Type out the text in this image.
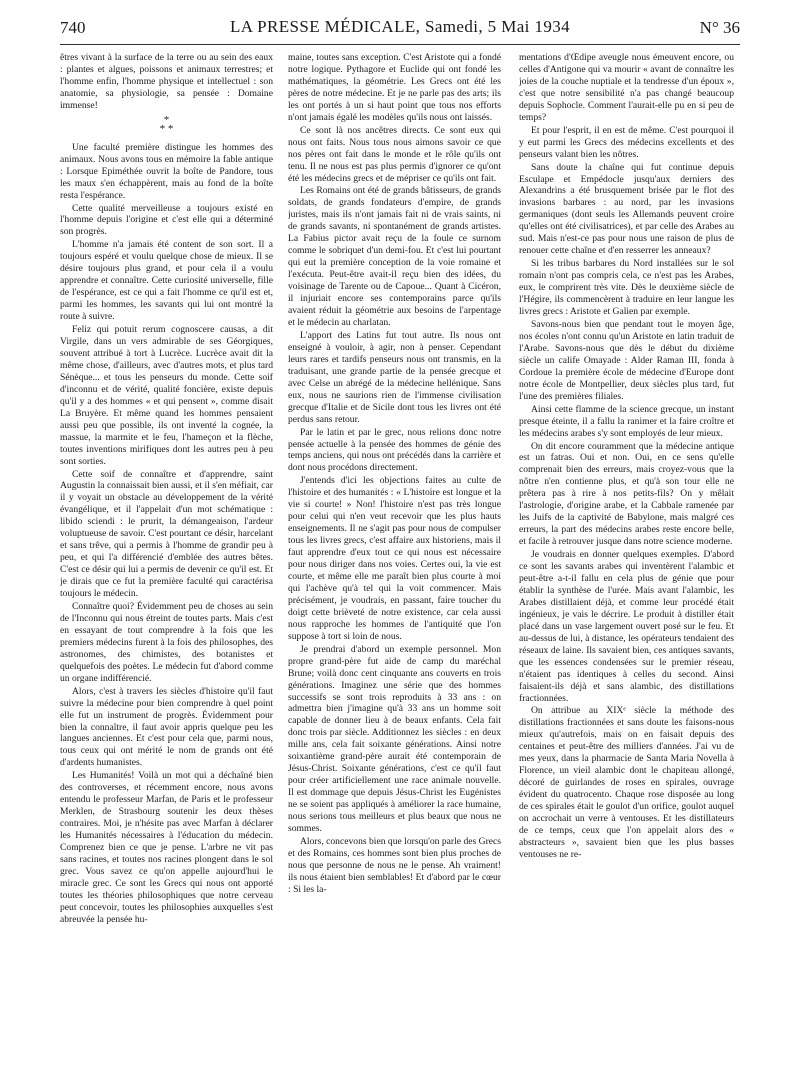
740	LA PRESSE MÉDICALE, Samedi, 5 Mai 1934	N° 36

êtres vivant à la surface de la terre ou au sein des eaux : plantes et algues, poissons et animaux terrestres; et l'homme enfin, l'homme physique et intellectuel : son anatomie, sa physiologie, sa pensée : Domaine immense!

*
* *

Une faculté première distingue les hommes des animaux. Nous avons tous en mémoire la fable antique : Lorsque Epiméthée ouvrit la boîte de Pandore, tous les maux s'en échappèrent, mais au fond de la boîte resta l'espérance.

Cette qualité merveilleuse a toujours existé en l'homme depuis l'origine et c'est elle qui a déterminé son progrès.

L'homme n'a jamais été content de son sort. Il a toujours espéré et voulu quelque chose de mieux. Il se désire toujours plus grand, et pour cela il a voulu apprendre et connaître. Cette curiosité universelle, fille de l'espérance, est ce qui a fait l'homme ce qu'il est et, parmi les hommes, les savants qui lui ont montré la route à suivre.

Feliz qui potuit rerum cognoscere causas, a dit Virgile, dans un vers admirable de ses Géorgiques, souvent attribué à tort à Lucrèce. Lucrèce avait dit la même chose, d'ailleurs, avec d'autres mots, et plus tard Sénèque... et tous les penseurs du monde. Cette soif d'inconnu et de vérité, qualité foncière, existe depuis qu'il y a des hommes « et qui pensent », comme disait La Bruyère. Et même quand les hommes pensaient aussi peu que possible, ils ont inventé la cognée, la massue, la marmite et le feu, l'hameçon et la flèche, toutes inventions mirifiques dont les autres peu à peu sont sorties.

Cette soif de connaître et d'apprendre, saint Augustin la connaissait bien aussi, et il s'en méfiait, car il y voyait un obstacle au développement de la vérité évangélique, et il l'appelait d'un mot schématique : libido sciendi : le prurit, la démangeaison, l'ardeur voluptueuse de savoir. C'est pourtant ce désir, harcelant et sans trêve, qui a permis à l'homme de grandir peu à peu, et qui l'a différencié d'emblée des autres bêtes. C'est ce désir qui lui a permis de devenir ce qu'il est. Et je dirais que ce fut la première faculté qui caractérisa toujours le médecin.

Connaître quoi? Évidemment peu de choses au sein de l'Inconnu qui nous étreint de toutes parts. Mais c'est en essayant de tout comprendre à la fois que les premiers médecins furent à la fois des philosophes, des astronomes, des chimistes, des botanistes et quelquefois des poètes. Le médecin fut d'abord comme un organe indifférencié.

Alors, c'est à travers les siècles d'histoire qu'il faut suivre la médecine pour bien comprendre à quel point elle fut un instrument de progrès. Évidemment pour bien la connaître, il faut avoir appris quelque peu les langues anciennes. Et c'est pour cela que, parmi nous, tous ceux qui ont mérité le nom de grands ont été d'ardents humanistes.

Les Humanités! Voilà un mot qui a déchaîné bien des controverses, et récemment encore, nous avons entendu le professeur Marfan, de Paris et le professeur Merklen, de Strasbourg soutenir les deux thèses contraires. Moi, je n'hésite pas avec Marfan à déclarer les Humanités nécessaires à l'éducation du médecin. Comprenez bien ce que je pense. L'arbre ne vit pas sans racines, et toutes nos racines plongent dans le sol grec. Vous savez ce qu'on appelle aujourd'hui le miracle grec. Ce sont les Grecs qui nous ont apporté toutes les théories philosophiques que notre cerveau peut concevoir, toutes les philosophies auxquelles s'est abreuvée la pensée hu-

maine, toutes sans exception. C'est Aristote qui a fondé notre logique. Pythagore et Euclide qui ont fondé les mathématiques, la géométrie. Les Grecs ont été les pères de notre médecine. Et je ne parle pas des arts; ils les ont portés à un si haut point que tous nos efforts n'ont jamais égalé les modèles qu'ils nous ont laissés.

Ce sont là nos ancêtres directs. Ce sont eux qui nous ont faits. Nous tous nous aimons savoir ce que nos pères ont fait dans le monde et le rôle qu'ils ont tenu. Il ne nous est pas plus permis d'ignorer ce qu'ont été les médecins grecs et de mépriser ce qu'ils ont fait.

Les Romains ont été de grands bâtisseurs, de grands soldats, de grands fondateurs d'empire, de grands juristes, mais ils n'ont jamais fait ni de vrais saints, ni de grands savants, ni spontanément de grands artistes. La Fabius pictor avait reçu de la foule ce surnom comme le sobriquet d'un demi-fou. Et c'est lui pourtant qui eut la première conception de la voie romaine et l'exécuta. Peut-être avait-il reçu bien des idées, du voisinage de Tarente ou de Capoue... Quant à Cicéron, il injuriait encore ses contemporains parce qu'ils avaient réduit la géométrie aux besoins de l'arpentage et le médecin au charlatan.

L'apport des Latins fut tout autre. Ils nous ont enseigné à vouloir, à agir, non à penser. Cependant leurs rares et tardifs penseurs nous ont transmis, en la traduisant, une grande partie de la pensée grecque et avec Celse un abrégé de la médecine hellénique. Sans eux, nous ne saurions rien de l'immense civilisation grecque d'Italie et de Sicile dont tous les livres ont été perdus sans retour.

Par le latin et par le grec, nous relions donc notre pensée actuelle à la pensée des hommes de génie des temps anciens, qui nous ont précédés dans la carrière et dont nous procédons directement.

J'entends d'ici les objections faites au culte de l'histoire et des humanités : « L'histoire est longue et la vie si courte! » Non! l'histoire n'est pas très longue pour celui qui n'en veut recevoir que les plus hauts enseignements. Il ne s'agit pas pour nous de compulser tous les livres grecs, c'est affaire aux historiens, mais il faut apprendre d'eux tout ce qui nous est nécessaire pour nous diriger dans nos voies. Certes oui, la vie est courte, et même elle me paraît bien plus courte à moi qui l'achève qu'à tel qui la voit commencer. Mais précisément, je voudrais, en passant, faire toucher du doigt cette brièveté de notre existence, car cela aussi nous rapproche les hommes de l'antiquité que l'on suppose à tort si loin de nous.

Je prendrai d'abord un exemple personnel. Mon propre grand-père fut aide de camp du maréchal Brune; voilà donc cent cinquante ans couverts en trois générations. Imaginez une série que des hommes successifs se sont trois reproduits à 33 ans : on admettra bien j'imagine qu'à 33 ans un homme soit capable de donner lieu à de beaux enfants. Cela fait donc trois par siècle. Additionnez les siècles : en deux mille ans, cela fait soixante générations. Ainsi notre soixantième grand-père aurait été contemporain de Jésus-Christ. Soixante générations, c'est ce qu'il faut pour créer artificiellement une race animale nouvelle. Il est dommage que depuis Jésus-Christ les Eugénistes ne se soient pas appliqués à améliorer la race humaine, nous serions tous meilleurs et plus beaux que nous ne sommes.

Alors, concevons bien que lorsqu'on parle des Grecs et des Romains, ces hommes sont bien plus proches de nous que personne de nous ne le pense. Ah vraiment! ils nous étaient bien semblables! Et d'abord par le cœur : Si les la-

mentations d'Œdipe aveugle nous émeuvent encore, ou celles d'Antigone qui va mourir « avant de connaître les joies de la couche nuptiale et la tendresse d'un époux », c'est que notre sensibilité n'a pas changé beaucoup depuis Sophocle. Comment l'aurait-elle pu en si peu de temps?

Et pour l'esprit, il en est de même. C'est pourquoi il y eut parmi les Grecs des médecins excellents et des penseurs valant bien les nôtres.

Sans doute la chaîne qui fut continue depuis Esculape et Empédocle jusqu'aux derniers des Alexandrins a été brusquement brisée par le flot des invasions barbares : au nord, par les invasions germaniques (dont seuls les Allemands peuvent croire qu'elles ont été civilisatrices), et par celle des Arabes au sud. Mais n'est-ce pas pour nous une raison de plus de renouer cette chaîne et d'en resserrer les anneaux?

Si les tribus barbares du Nord installées sur le sol romain n'ont pas compris cela, ce n'est pas les Arabes, eux, le comprirent très vite. Dès le deuxième siècle de l'Hégire, ils commencèrent à traduire en leur langue les livres grecs : Aristote et Galien par exemple.

Savons-nous bien que pendant tout le moyen âge, nos écoles n'ont connu qu'un Aristote en latin traduit de l'Arabe. Savons-nous que dès le début du dixième siècle un calife Omayade : Alder Raman III, fonda à Cordoue la première école de médecine d'Europe dont notre école de Montpellier, deux siècles plus tard, fut l'une des premières filiales.

Ainsi cette flamme de la science grecque, un instant presque éteinte, il a fallu la ranimer et la faire croître et les médecins arabes s'y sont employés de leur mieux.

On dit encore couramment que la médecine antique est un fatras. Oui et non. Oui, en ce sens qu'elle comprenait bien des erreurs, mais croyez-vous que la nôtre n'en contienne plus, et qu'à son tour elle ne prêtera pas à rire à nos petits-fils? On y mêlait l'astrologie, d'origine arabe, et la Cabbale ramenée par les Juifs de la captivité de Babylone, mais malgré ces erreurs, la part des médecins arabes reste encore belle, et facile à retrouver jusque dans notre science moderne.

Je voudrais en donner quelques exemples. D'abord ce sont les savants arabes qui inventèrent l'alambic et peut-être a-t-il fallu en cela plus de génie que pour établir la synthèse de l'urée. Mais avant l'alambic, les Arabes distillaient déjà, et comme leur procédé était ingénieux, je vais le décrire. Le produit à distiller était placé dans un vase largement ouvert posé sur le feu. Et au-dessus de lui, à distance, les opérateurs tendaient des réseaux de laine. Ils savaient bien, ces antiques savants, que les essences condensées sur le premier réseau, n'étaient pas identiques à celles du second. Ainsi faisaient-ils déjà et sans alambic, des distillations fractionnées.

On attribue au XIXᵉ siècle la méthode des distillations fractionnées et sans doute les faisons-nous mieux qu'autrefois, mais on en faisait depuis des centaines et peut-être des milliers d'années. J'ai vu de mes yeux, dans la pharmacie de Santa Maria Novella à Florence, un vieil alambic dont le chapiteau allongé, décoré de guirlandes de roses en spirales, ouvrage évident du quatrocento. Chaque rose disposée au long de ces spirales était le goulot d'un orifice, goulot auquel on accrochait un verre à ventouses. Et les distillateurs de ce temps, ceux que l'on appelait alors des « abstracteurs », savaient bien que les plus basses ventouses ne re-
